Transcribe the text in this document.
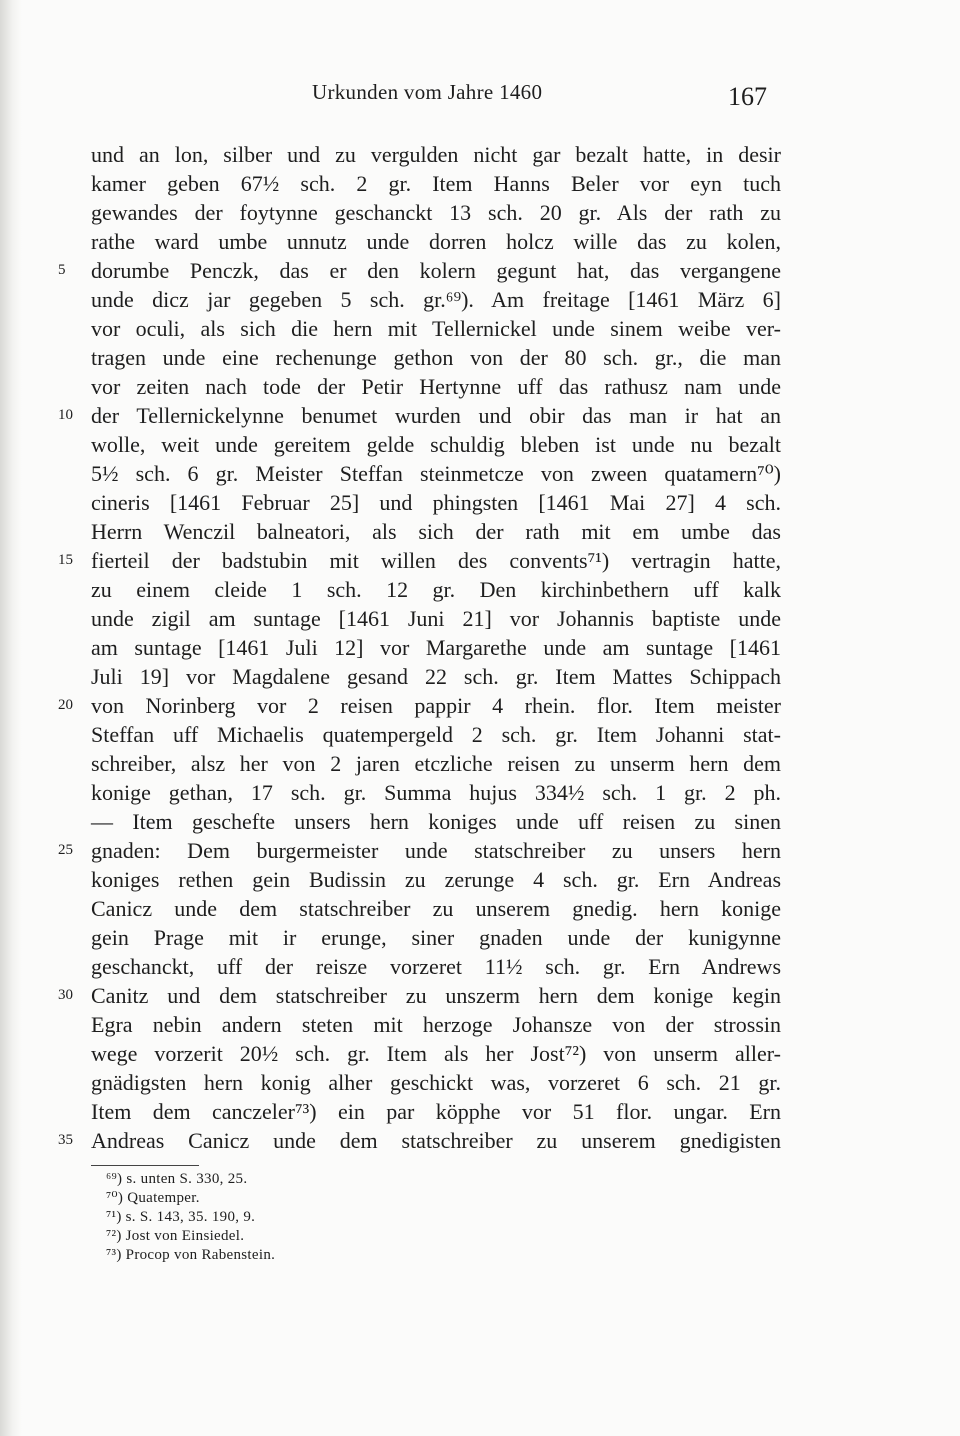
Urkunden vom Jahre 1460	167
und an lon, silber und zu vergulden nicht gar bezalt hatte, in desir
kamer geben 67½ sch. 2 gr. Item Hanns Beler vor eyn tuch
gewandes der foytynne geschanckt 13 sch. 20 gr. Als der rath zu
rathe ward umbe unnutz unde dorren holcz wille das zu kolen,
dorumbe Penczk, das er den kolern gegunt hat, das vergangene
unde dicz jar gegeben 5 sch. gr.⁶⁹). Am freitage [1461 März 6]
vor oculi, als sich die hern mit Tellernickel unde sinem weibe ver-
tragen unde eine rechenunge gethon von der 80 sch. gr., die man
vor zeiten nach tode der Petir Hertynne uff das rathusz nam unde
der Tellernickelynne benumet wurden und obir das man ir hat an
wolle, weit unde gereitem gelde schuldig bleben ist unde nu bezalt
5½ sch. 6 gr. Meister Steffan steinmetcze von zween quatamern⁷⁰)
cineris [1461 Februar 25] und phingsten [1461 Mai 27] 4 sch.
Herrn Wenczil balneatori, als sich der rath mit em umbe das
fierteil der badstubin mit willen des convents⁷¹) vertragin hatte,
zu einem cleide 1 sch. 12 gr. Den kirchinbethern uff kalk
unde zigil am suntage [1461 Juni 21] vor Johannis baptiste unde
am suntage [1461 Juli 12] vor Margarethe unde am suntage [1461
Juli 19] vor Magdalene gesand 22 sch. gr. Item Mattes Schippach
von Norinberg vor 2 reisen pappir 4 rhein. flor. Item meister
Steffan uff Michaelis quatempergeld 2 sch. gr. Item Johanni stat-
schreiber, alsz her von 2 jaren etczliche reisen zu unserm hern dem
konige gethan, 17 sch. gr. Summa hujus 334½ sch. 1 gr. 2 ph.
— Item geschefte unsers hern koniges unde uff reisen zu sinen
gnaden: Dem burgermeister unde statschreiber zu unsers hern
koniges rethen gein Budissin zu zerunge 4 sch. gr. Ern Andreas
Canicz unde dem statschreiber zu unserem gnedig. hern konige
gein Prage mit ir erunge, siner gnaden unde der kunigynne
geschanckt, uff der reisze vorzeret 11½ sch. gr. Ern Andrews
Canitz und dem statschreiber zu unszerm hern dem konige kegin
Egra nebin andern steten mit herzoge Johansze von der strossin
wege vorzerit 20½ sch. gr. Item als her Jost⁷²) von unserm aller-
gnädigsten hern konig alher geschickt was, vorzeret 6 sch. 21 gr.
Item dem canczeler⁷³) ein par köpphe vor 51 flor. ungar. Ern
Andreas Canicz unde dem statschreiber zu unserem gnedigisten
5
10
15
20
25
30
35
⁶⁹) s. unten S. 330, 25.
⁷⁰) Quatemper.
⁷¹) s. S. 143, 35. 190, 9.
⁷²) Jost von Einsiedel.
⁷³) Procop von Rabenstein.
